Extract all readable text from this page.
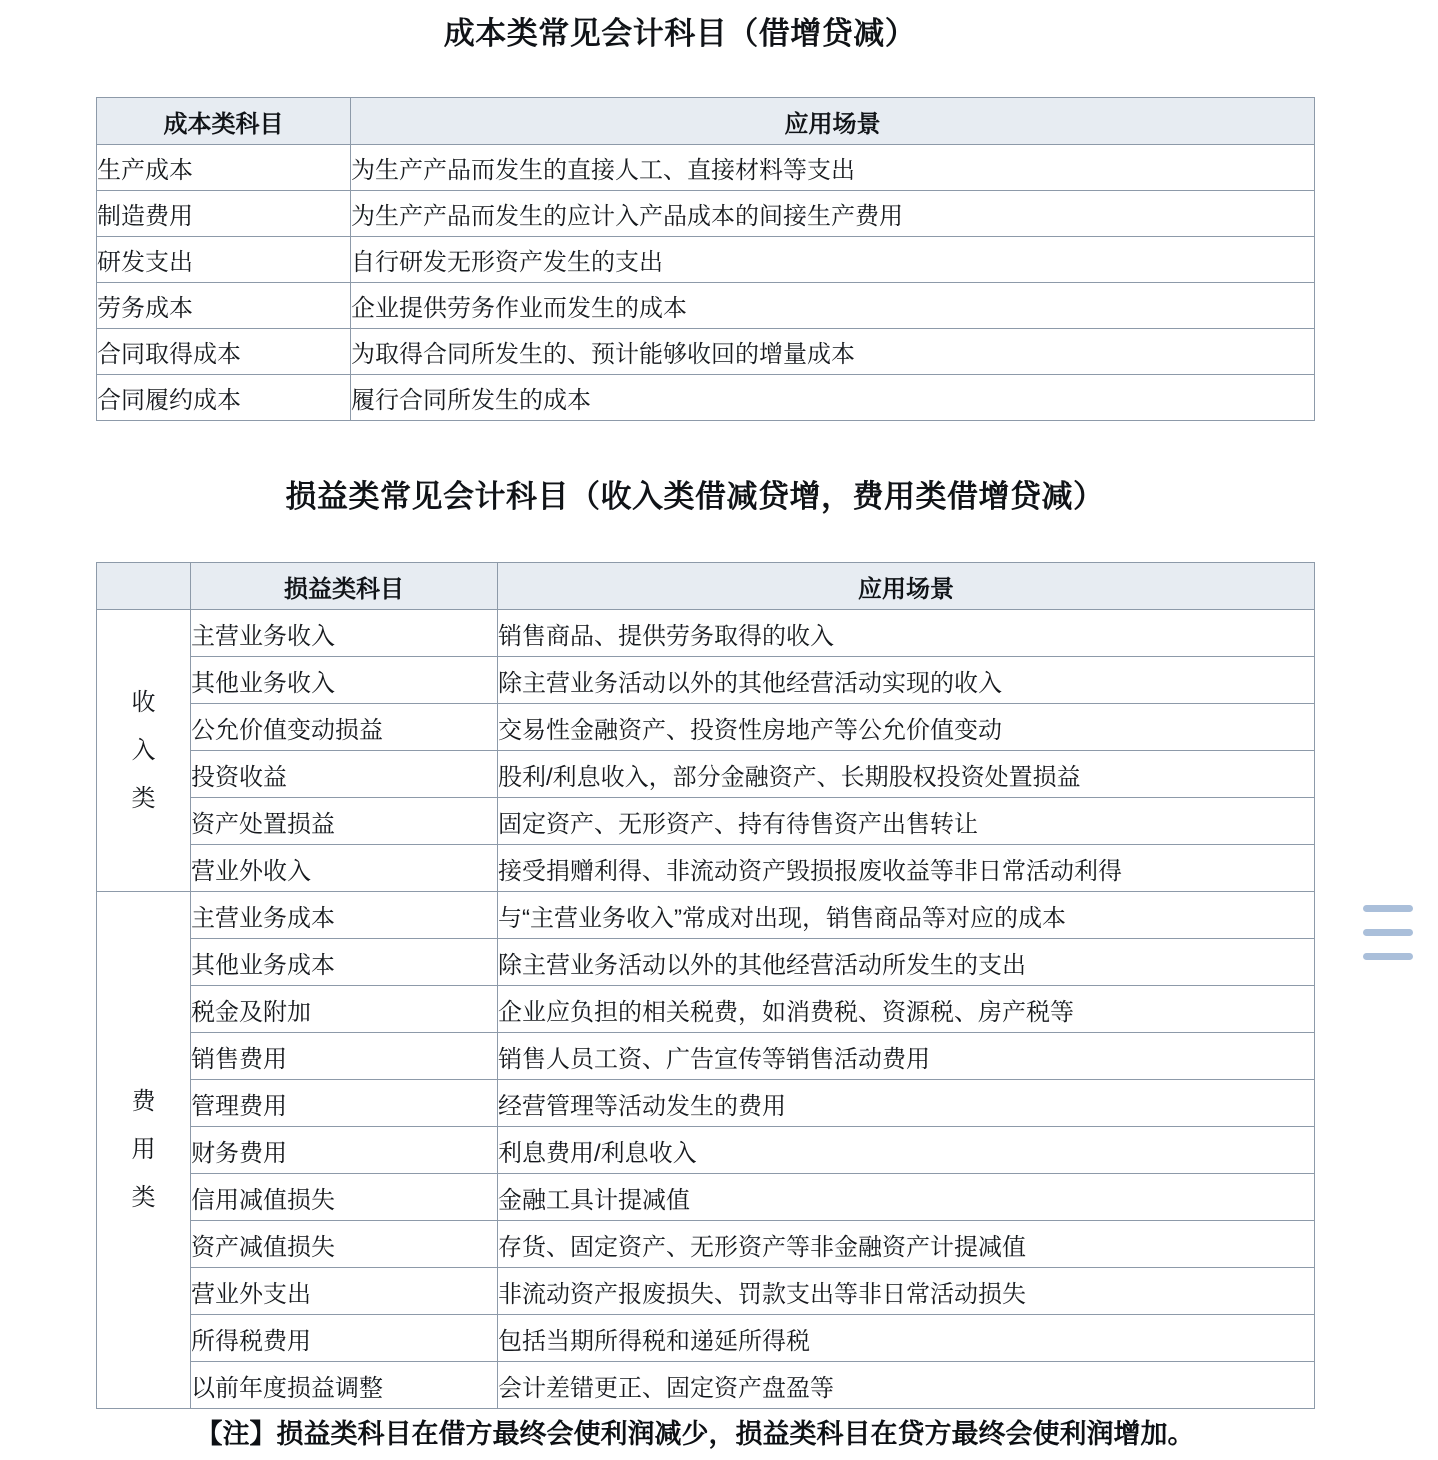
成本类常见会计科目（借增贷减）
成本类科目	应用场景
生产成本	为生产产品而发生的直接人工、直接材料等支出
制造费用	为生产产品而发生的应计入产品成本的间接生产费用
研发支出	自行研发无形资产发生的支出
劳务成本	企业提供劳务作业而发生的成本
合同取得成本	为取得合同所发生的、预计能够收回的增量成本
合同履约成本	履行合同所发生的成本
损益类常见会计科目（收入类借减贷增，费用类借增贷减）
	损益类科目	应用场景

收
入
类	主营业务收入	销售商品、提供劳务取得的收入
	其他业务收入	除主营业务活动以外的其他经营活动实现的收入
	公允价值变动损益	交易性金融资产、投资性房地产等公允价值变动
	投资收益	股利/利息收入，部分金融资产、长期股权投资处置损益
	资产处置损益	固定资产、无形资产、持有待售资产出售转让
	营业外收入	接受捐赠利得、非流动资产毁损报废收益等非日常活动利得

费
用
类	主营业务成本	与“主营业务收入”常成对出现，销售商品等对应的成本
	其他业务成本	除主营业务活动以外的其他经营活动所发生的支出
	税金及附加	企业应负担的相关税费，如消费税、资源税、房产税等
	销售费用	销售人员工资、广告宣传等销售活动费用
	管理费用	经营管理等活动发生的费用
	财务费用	利息费用/利息收入
	信用减值损失	金融工具计提减值
	资产减值损失	存货、固定资产、无形资产等非金融资产计提减值
	营业外支出	非流动资产报废损失、罚款支出等非日常活动损失
	所得税费用	包括当期所得税和递延所得税
	以前年度损益调整	会计差错更正、固定资产盘盈等
【注】损益类科目在借方最终会使利润减少，损益类科目在贷方最终会使利润增加。
